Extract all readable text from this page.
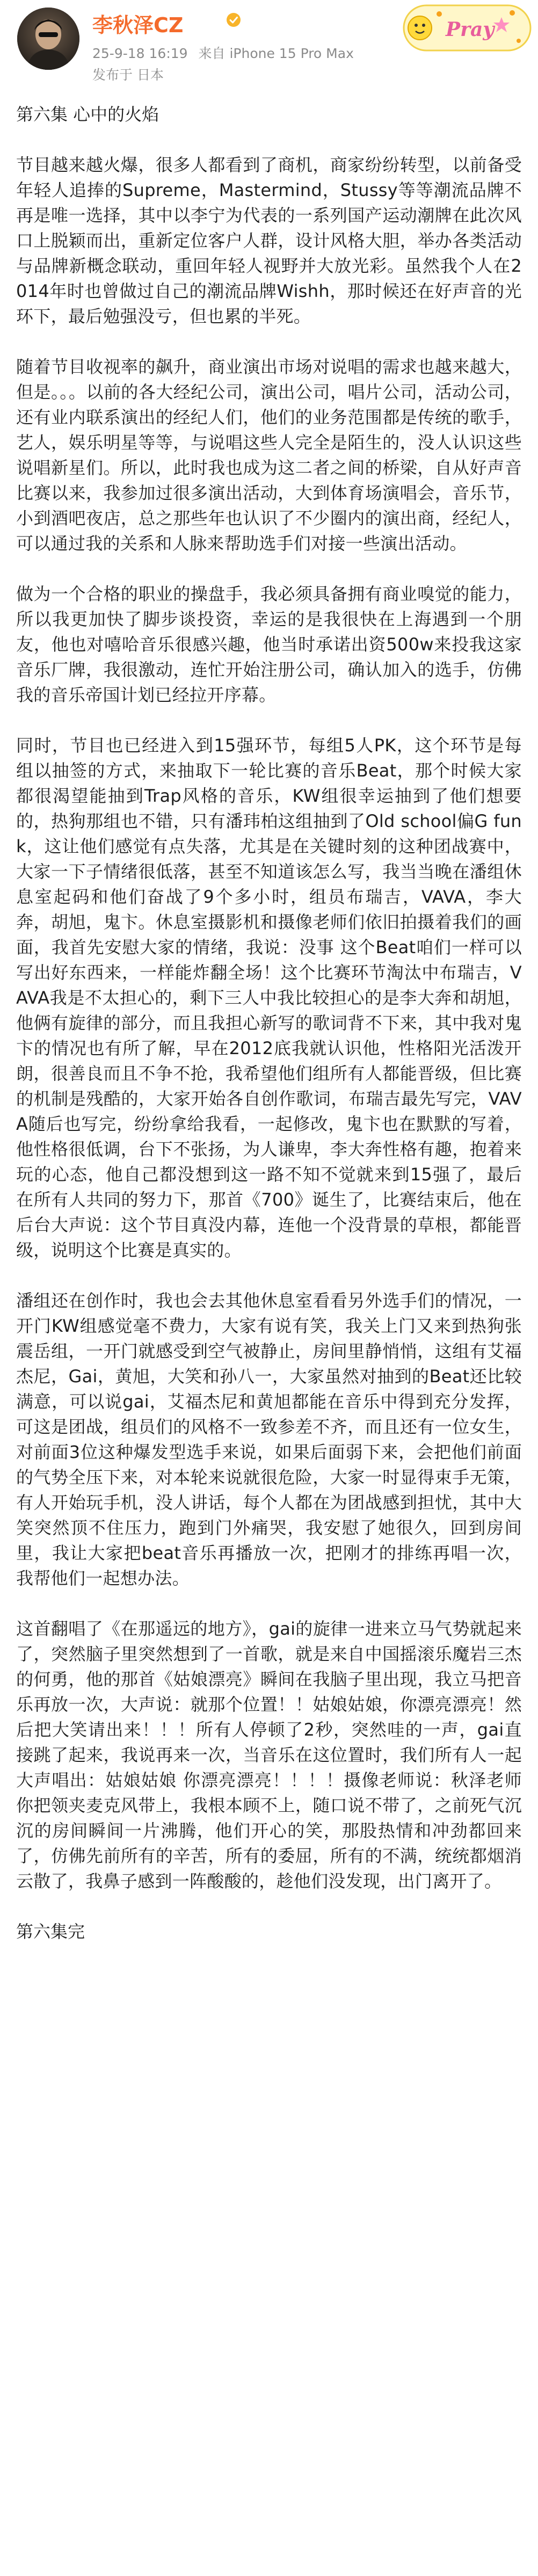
李秋泽CZ
25-9-18 16:19 来自 iPhone 15 Pro Max
发布于 日本
Pray
第六集 心中的火焰
节目越来越火爆，很多人都看到了商机，商家纷纷转型，以前备受年轻人追捧的Supreme，Mastermind，Stussy等等潮流品牌不再是唯一选择，其中以李宁为代表的一系列国产运动潮牌在此次风口上脱颖而出，重新定位客户人群，设计风格大胆，举办各类活动与品牌新概念联动，重回年轻人视野并大放光彩。虽然我个人在2014年时也曾做过自己的潮流品牌Wishh，那时候还在好声音的光环下，最后勉强没亏，但也累的半死。
随着节目收视率的飙升，商业演出市场对说唱的需求也越来越大，但是。。。以前的各大经纪公司，演出公司，唱片公司，活动公司，还有业内联系演出的经纪人们，他们的业务范围都是传统的歌手，艺人，娱乐明星等等，与说唱这些人完全是陌生的，没人认识这些说唱新星们。所以，此时我也成为这二者之间的桥梁，自从好声音比赛以来，我参加过很多演出活动，大到体育场演唱会，音乐节，小到酒吧夜店，总之那些年也认识了不少圈内的演出商，经纪人，可以通过我的关系和人脉来帮助选手们对接一些演出活动。
做为一个合格的职业的操盘手，我必须具备拥有商业嗅觉的能力，所以我更加快了脚步谈投资，幸运的是我很快在上海遇到一个朋友，他也对嘻哈音乐很感兴趣，他当时承诺出资500w来投我这家音乐厂牌，我很激动，连忙开始注册公司，确认加入的选手，仿佛我的音乐帝国计划已经拉开序幕。
同时，节目也已经进入到15强环节，每组5人PK，这个环节是每组以抽签的方式，来抽取下一轮比赛的音乐Beat，那个时候大家都很渴望能抽到Trap风格的音乐，KW组很幸运抽到了他们想要的，热狗那组也不错，只有潘玮柏这组抽到了Old school偏G funk，这让他们感觉有点失落，尤其是在关键时刻的这种团战赛中，大家一下子情绪很低落，甚至不知道该怎么写，我当当晚在潘组休息室起码和他们奋战了9个多小时，组员布瑞吉，VAVA，李大奔，胡旭，鬼卞。休息室摄影机和摄像老师们依旧拍摄着我们的画面，我首先安慰大家的情绪，我说：没事 这个Beat咱们一样可以写出好东西来，一样能炸翻全场！这个比赛环节淘汰中布瑞吉，VAVA我是不太担心的，剩下三人中我比较担心的是李大奔和胡旭，他俩有旋律的部分，而且我担心新写的歌词背不下来，其中我对鬼卞的情况也有所了解，早在2012底我就认识他，性格阳光活泼开朗，很善良而且不争不抢，我希望他们组所有人都能晋级，但比赛的机制是残酷的，大家开始各自创作歌词，布瑞吉最先写完，VAVA随后也写完，纷纷拿给我看，一起修改，鬼卞也在默默的写着，他性格很低调，台下不张扬，为人谦卑，李大奔性格有趣，抱着来玩的心态，他自己都没想到这一路不知不觉就来到15强了，最后在所有人共同的努力下，那首《700》诞生了，比赛结束后，他在后台大声说：这个节目真没内幕，连他一个没背景的草根，都能晋级，说明这个比赛是真实的。
潘组还在创作时，我也会去其他休息室看看另外选手们的情况，一开门KW组感觉毫不费力，大家有说有笑，我关上门又来到热狗张震岳组，一开门就感受到空气被静止，房间里静悄悄，这组有艾福杰尼，Gai，黄旭，大笑和孙八一，大家虽然对抽到的Beat还比较满意，可以说gai，艾福杰尼和黄旭都能在音乐中得到充分发挥，可这是团战，组员们的风格不一致参差不齐，而且还有一位女生，对前面3位这种爆发型选手来说，如果后面弱下来，会把他们前面的气势全压下来，对本轮来说就很危险，大家一时显得束手无策，有人开始玩手机，没人讲话，每个人都在为团战感到担忧，其中大笑突然顶不住压力，跑到门外痛哭，我安慰了她很久，回到房间里，我让大家把beat音乐再播放一次，把刚才的排练再唱一次，我帮他们一起想办法。
这首翻唱了《在那遥远的地方》，gai的旋律一进来立马气势就起来了，突然脑子里突然想到了一首歌，就是来自中国摇滚乐魔岩三杰的何勇，他的那首《姑娘漂亮》瞬间在我脑子里出现，我立马把音乐再放一次，大声说：就那个位置！！姑娘姑娘，你漂亮漂亮！然后把大笑请出来！！！所有人停顿了2秒，突然哇的一声，gai直接跳了起来，我说再来一次，当音乐在这位置时，我们所有人一起大声唱出：姑娘姑娘 你漂亮漂亮！！！！摄像老师说：秋泽老师你把领夹麦克风带上，我根本顾不上，随口说不带了，之前死气沉沉的房间瞬间一片沸腾，他们开心的笑，那股热情和冲劲都回来了，仿佛先前所有的辛苦，所有的委屈，所有的不满，统统都烟消云散了，我鼻子感到一阵酸酸的，趁他们没发现，出门离开了。
第六集完
